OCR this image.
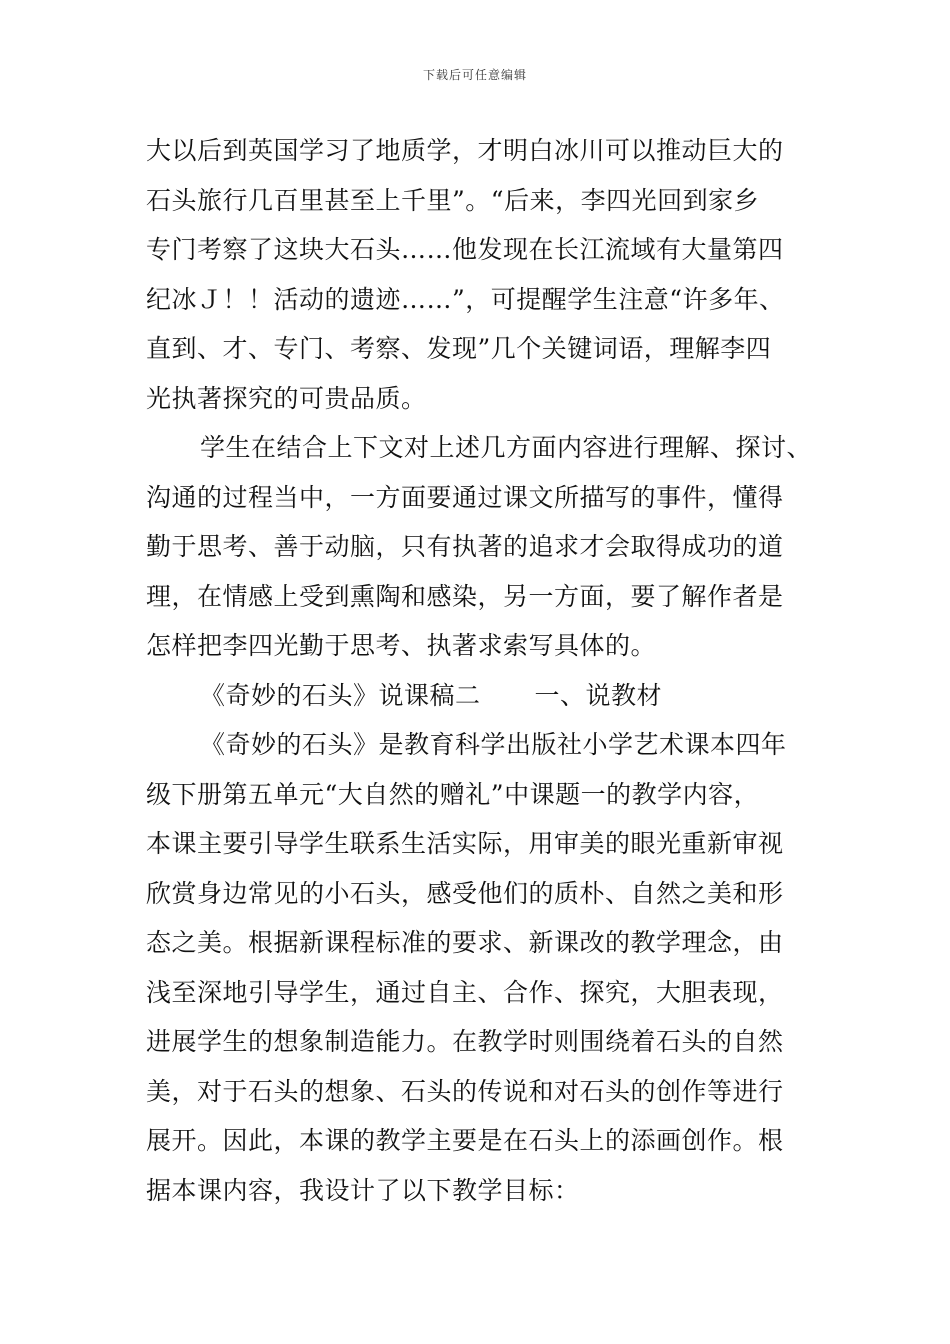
下载后可任意编辑
大以后到英国学习了地质学，才明白冰川可以推动巨大的
石头旅行几百里甚至上千里”。“后来，李四光回到家乡
专门考察了这块大石头……他发现在长江流域有大量第四
纪冰Ｊ！！活动的遗迹……”，可提醒学生注意“许多年、
直到、才、专门、考察、发现”几个关键词语，理解李四
光执著探究的可贵品质。
学生在结合上下文对上述几方面内容进行理解、探讨、
沟通的过程当中，一方面要通过课文所描写的事件，懂得
勤于思考、善于动脑，只有执著的追求才会取得成功的道
理，在情感上受到熏陶和感染，另一方面，要了解作者是
怎样把李四光勤于思考、执著求索写具体的。
《奇妙的石头》说课稿二 一、说教材
《奇妙的石头》是教育科学出版社小学艺术课本四年
级下册第五单元“大自然的赠礼”中课题一的教学内容，
本课主要引导学生联系生活实际，用审美的眼光重新审视
欣赏身边常见的小石头，感受他们的质朴、自然之美和形
态之美。根据新课程标准的要求、新课改的教学理念，由
浅至深地引导学生，通过自主、合作、探究，大胆表现，
进展学生的想象制造能力。在教学时则围绕着石头的自然
美，对于石头的想象、石头的传说和对石头的创作等进行
展开。因此，本课的教学主要是在石头上的添画创作。根
据本课内容，我设计了以下教学目标：
